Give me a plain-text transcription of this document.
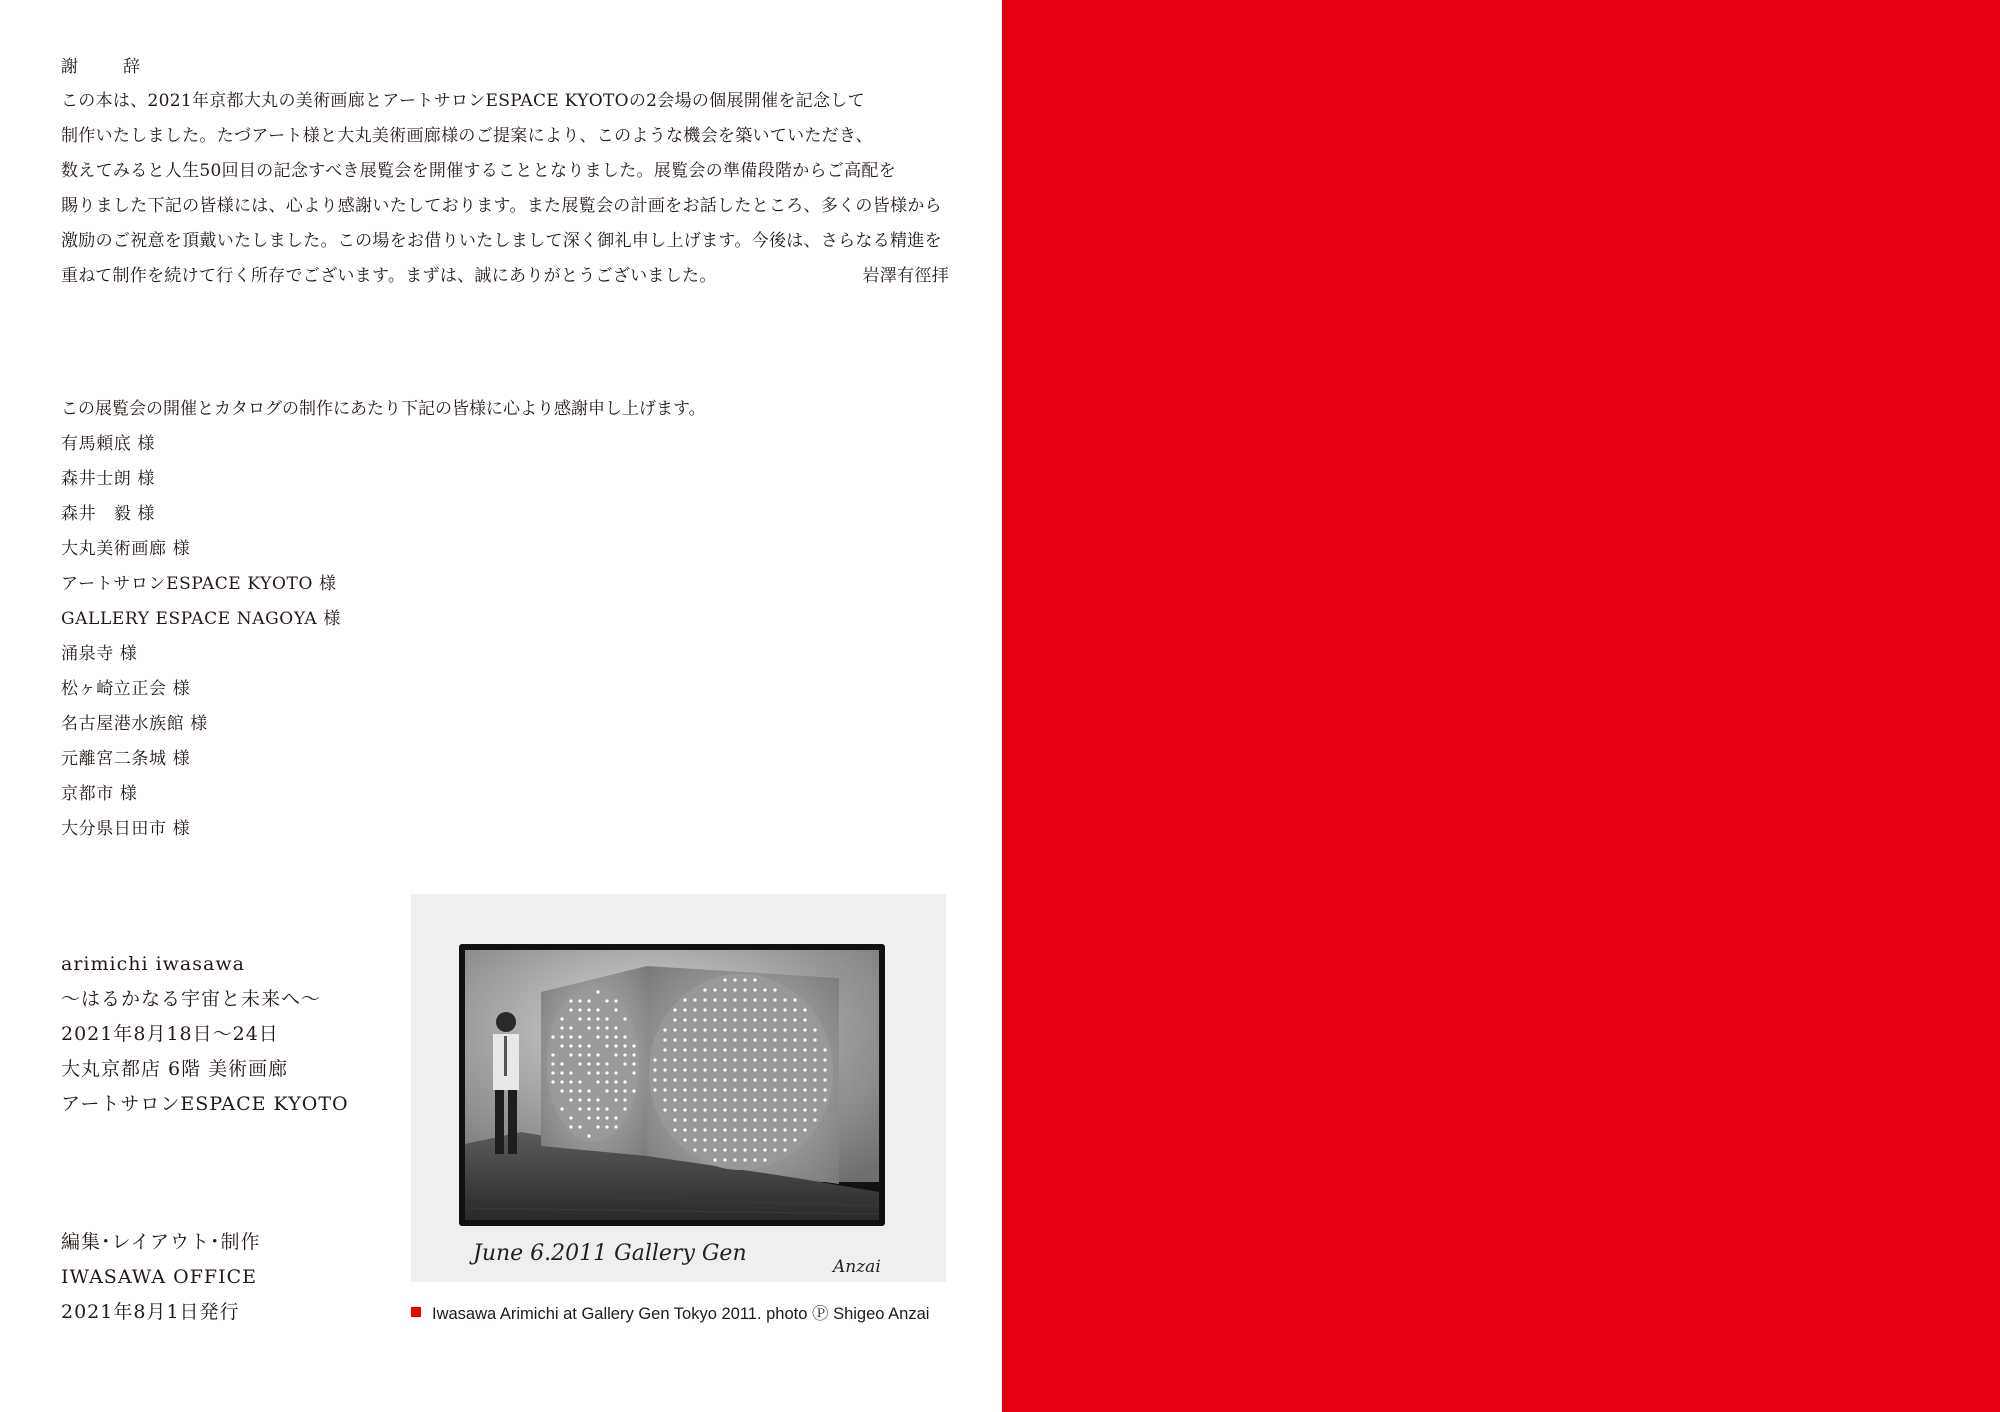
謝　辞
この本は、2021年京都大丸の美術画廊とアートサロンESPACE KYOTOの2会場の個展開催を記念して
制作いたしました。たづアート様と大丸美術画廊様のご提案により、このような機会を築いていただき、
数えてみると人生50回目の記念すべき展覧会を開催することとなりました。展覧会の準備段階からご高配を
賜りました下記の皆様には、心より感謝いたしております。また展覧会の計画をお話したところ、多くの皆様から
激励のご祝意を頂戴いたしました。この場をお借りいたしまして深く御礼申し上げます。今後は、さらなる精進を
重ねて制作を続けて行く所存でございます。まずは、誠にありがとうございました。	岩澤有徑拝
この展覧会の開催とカタログの制作にあたり下記の皆様に心より感謝申し上げます。
有馬頼底 様
森井士朗 様
森井　毅 様
大丸美術画廊 様
アートサロンESPACE KYOTO 様
GALLERY ESPACE NAGOYA 様
涌泉寺 様
松ヶ崎立正会 様
名古屋港水族館 様
元離宮二条城 様
京都市 様
大分県日田市 様
arimichi iwasawa
～はるかなる宇宙と未来へ～
2021年8月18日～24日
大丸京都店 6階 美術画廊
アートサロンESPACE KYOTO
編集･レイアウト･制作
IWASAWA OFFICE
2021年8月1日発行
June 6.2011 Gallery Gen
Anzai
Iwasawa Arimichi at Gallery Gen Tokyo 2011. photo Ⓟ Shigeo Anzai
